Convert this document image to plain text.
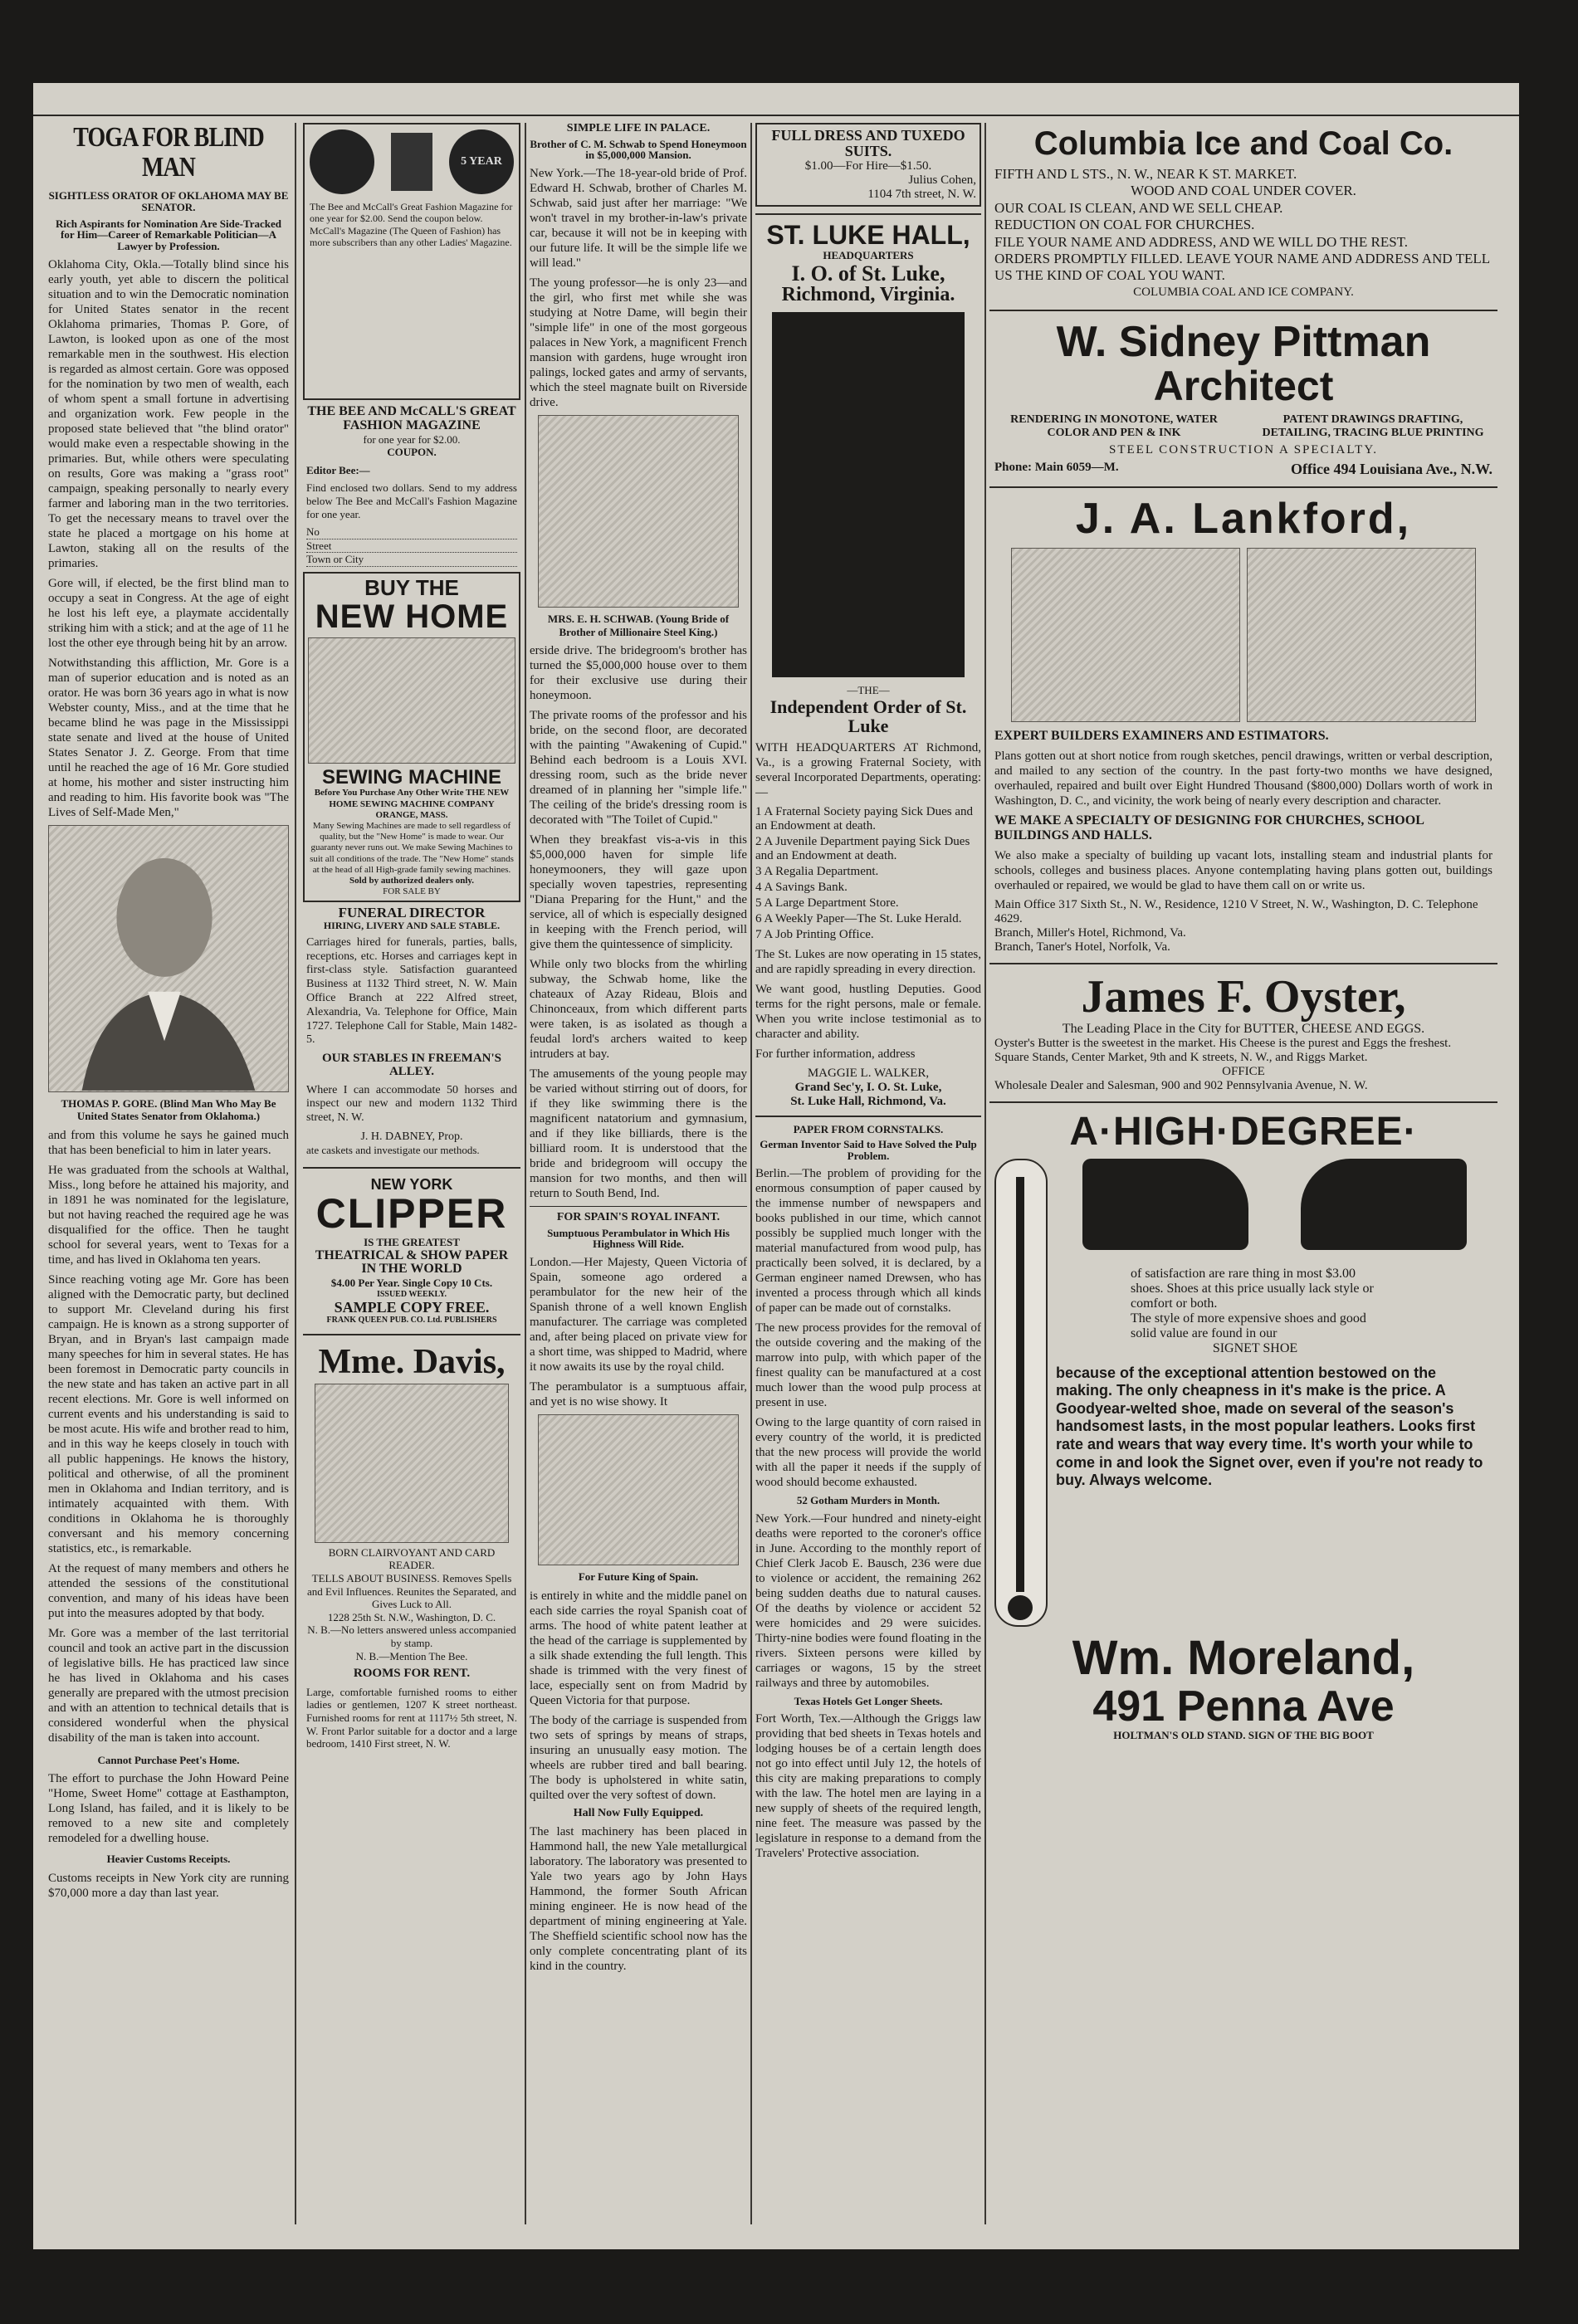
TOGA FOR BLIND MAN
SIGHTLESS ORATOR OF OKLAHOMA MAY BE SENATOR.
Rich Aspirants for Nomination Are Side-Tracked for Him—Career of Remarkable Politician—A Lawyer by Profession.

Oklahoma City, Okla.—Totally blind since his early youth, yet able to discern the political situation and to win the Democratic nomination for United States senator in the recent Oklahoma primaries, Thomas P. Gore, of Lawton, is looked upon as one of the most remarkable men in the southwest. His election is regarded as almost certain. Gore was opposed for the nomination by two men of wealth, each of whom spent a small fortune in advertising and organization work. Few people in the proposed state believed that "the blind orator" would make even a respectable showing in the primaries. But, while others were speculating on results, Gore was making a "grass root" campaign, speaking personally to nearly every farmer and laboring man in the two territories. To get the necessary means to travel over the state he placed a mortgage on his home at Lawton, staking all on the results of the primaries.

Gore will, if elected, be the first blind man to occupy a seat in Congress. At the age of eight he lost his left eye, a playmate accidentally striking him with a stick; and at the age of 11 he lost the other eye through being hit by an arrow.

Notwithstanding this affliction, Mr. Gore is a man of superior education and is noted as an orator. He was born 36 years ago in what is now Webster county, Miss., and at the time that he became blind he was page in the Mississippi state senate and lived at the house of United States Senator J. Z. George. From that time until he reached the age of 16 Mr. Gore studied at home, his mother and sister instructing him and reading to him. His favorite book was "The Lives of Self-Made Men,"

THOMAS P. GORE. (Blind Man Who May Be United States Senator from Oklahoma.)

and from this volume he says he gained much that has been beneficial to him in later years.

He was graduated from the schools at Walthal, Miss., long before he attained his majority, and in 1891 he was nominated for the legislature, but not having reached the required age he was disqualified for the office. Then he taught school for several years, went to Texas for a time, and has lived in Oklahoma ten years.

Since reaching voting age Mr. Gore has been aligned with the Democratic party, but declined to support Mr. Cleveland during his first campaign. He is known as a strong supporter of Bryan, and in Bryan's last campaign made many speeches for him in several states. He has been foremost in Democratic party councils in the new state and has taken an active part in all recent elections. Mr. Gore is well informed on current events and his understanding is said to be most acute. His wife and brother read to him, and in this way he keeps closely in touch with all public happenings. He knows the history, political and otherwise, of all the prominent men in Oklahoma and Indian territory, and is intimately acquainted with them. With conditions in Oklahoma he is thoroughly conversant and his memory concerning statistics, etc., is remarkable.

At the request of many members and others he attended the sessions of the constitutional convention, and many of his ideas have been put into the measures adopted by that body.

Mr. Gore was a member of the last territorial council and took an active part in the discussion of legislative bills. He has practiced law since he has lived in Oklahoma and his cases generally are prepared with the utmost precision and with an attention to technical details that is considered wonderful when the physical disability of the man is taken into account.

Cannot Purchase Peet's Home.

The effort to purchase the John Howard Peine "Home, Sweet Home" cottage at Easthampton, Long Island, has failed, and it is likely to be removed to a new site and completely remodeled for a dwelling house.

Heavier Customs Receipts.

Customs receipts in New York city are running $70,000 more a day than last year.

5 YEAR

The Bee and McCall's Great Fashion Magazine for one year for $2.00. Send the coupon below. McCall's Magazine (The Queen of Fashion) has more subscribers than any other Ladies' Magazine.

THE BEE AND McCALL'S GREAT FASHION MAGAZINE
for one year for $2.00.
COUPON.
Editor Bee:—

Find enclosed two dollars. Send to my address below The Bee and McCall's Fashion Magazine for one year.

No
Street
Town or City
BUY THE
NEW HOME
SEWING MACHINE
Before You Purchase Any Other Write THE NEW HOME SEWING MACHINE COMPANY ORANGE, MASS.
Many Sewing Machines are made to sell regardless of quality, but the "New Home" is made to wear. Our guaranty never runs out. We make Sewing Machines to suit all conditions of the trade. The "New Home" stands at the head of all High-grade family sewing machines.
Sold by authorized dealers only.
FOR SALE BY
FUNERAL DIRECTOR
HIRING, LIVERY AND SALE STABLE.

Carriages hired for funerals, parties, balls, receptions, etc. Horses and carriages kept in first-class style. Satisfaction guaranteed Business at 1132 Third street, N. W. Main Office Branch at 222 Alfred street, Alexandria, Va. Telephone for Office, Main 1727. Telephone Call for Stable, Main 1482-5.

OUR STABLES IN FREEMAN'S ALLEY.

Where I can accommodate 50 horses and inspect our new and modern 1132 Third street, N. W.

J. H. DABNEY, Prop.
ate caskets and investigate our methods.
NEW YORK
CLIPPER
IS THE GREATEST
THEATRICAL & SHOW PAPER
IN THE WORLD
$4.00 Per Year. Single Copy 10 Cts.
ISSUED WEEKLY.
SAMPLE COPY FREE.
FRANK QUEEN PUB. CO. Ltd. PUBLISHERS
Mme. Davis,
BORN CLAIRVOYANT AND CARD READER.
TELLS ABOUT BUSINESS. Removes Spells and Evil Influences. Reunites the Separated, and Gives Luck to All.
1228 25th St. N.W., Washington, D. C.
N. B.—No letters answered unless accompanied by stamp.
N. B.—Mention The Bee.
ROOMS FOR RENT.

Large, comfortable furnished rooms to either ladies or gentlemen, 1207 K street northeast. Furnished rooms for rent at 1117½ 5th street, N. W. Front Parlor suitable for a doctor and a large bedroom, 1410 First street, N. W.

SIMPLE LIFE IN PALACE.
Brother of C. M. Schwab to Spend Honeymoon in $5,000,000 Mansion.

New York.—The 18-year-old bride of Prof. Edward H. Schwab, brother of Charles M. Schwab, said just after her marriage: "We won't travel in my brother-in-law's private car, because it will not be in keeping with our future life. It will be the simple life we will lead."

The young professor—he is only 23—and the girl, who first met while she was studying at Notre Dame, will begin their "simple life" in one of the most gorgeous palaces in New York, a magnificent French mansion with gardens, huge wrought iron palings, locked gates and army of servants, which the steel magnate built on Riverside drive.

MRS. E. H. SCHWAB. (Young Bride of Brother of Millionaire Steel King.)

erside drive. The bridegroom's brother has turned the $5,000,000 house over to them for their exclusive use during their honeymoon.

The private rooms of the professor and his bride, on the second floor, are decorated with the painting "Awakening of Cupid." Behind each bedroom is a Louis XVI. dressing room, such as the bride never dreamed of in planning her "simple life." The ceiling of the bride's dressing room is decorated with "The Toilet of Cupid."

When they breakfast vis-a-vis in this $5,000,000 haven for simple life honeymooners, they will gaze upon specially woven tapestries, representing "Diana Preparing for the Hunt," and the service, all of which is especially designed in keeping with the French period, will give them the quintessence of simplicity.

While only two blocks from the whirling subway, the Schwab home, like the chateaux of Azay Rideau, Blois and Chinonceaux, from which different parts were taken, is as isolated as though a feudal lord's archers waited to keep intruders at bay.

The amusements of the young people may be varied without stirring out of doors, for if they like swimming there is the magnificent natatorium and gymnasium, and if they like billiards, there is the billiard room. It is understood that the bride and bridegroom will occupy the mansion for two months, and then will return to South Bend, Ind.

FOR SPAIN'S ROYAL INFANT.
Sumptuous Perambulator in Which His Highness Will Ride.

London.—Her Majesty, Queen Victoria of Spain, someone ago ordered a perambulator for the new heir of the Spanish throne of a well known English manufacturer. The carriage was completed and, after being placed on private view for a short time, was shipped to Madrid, where it now awaits its use by the royal child.

The perambulator is a sumptuous affair, and yet is no wise showy. It

For Future King of Spain.

is entirely in white and the middle panel on each side carries the royal Spanish coat of arms. The hood of white patent leather at the head of the carriage is supplemented by a silk shade extending the full length. This shade is trimmed with the very finest of lace, especially sent on from Madrid by Queen Victoria for that purpose.

The body of the carriage is suspended from two sets of springs by means of straps, insuring an unusually easy motion. The wheels are rubber tired and ball bearing. The body is upholstered in white satin, quilted over the very softest of down.

Hall Now Fully Equipped.

The last machinery has been placed in Hammond hall, the new Yale metallurgical laboratory. The laboratory was presented to Yale two years ago by John Hays Hammond, the former South African mining engineer. He is now head of the department of mining engineering at Yale. The Sheffield scientific school now has the only complete concentrating plant of its kind in the country.

FULL DRESS AND TUXEDO SUITS.
$1.00—For Hire—$1.50.
Julius Cohen,
1104 7th street, N. W.
ST. LUKE HALL,
HEADQUARTERS
I. O. of St. Luke,
Richmond, Virginia.
—THE—
Independent Order of St. Luke

WITH HEADQUARTERS AT Richmond, Va., is a growing Fraternal Society, with several Incorporated Departments, operating:—

1 A Fraternal Society paying Sick Dues and an Endowment at death.
2 A Juvenile Department paying Sick Dues and an Endowment at death.
3 A Regalia Department.
4 A Savings Bank.
5 A Large Department Store.
6 A Weekly Paper—The St. Luke Herald.
7 A Job Printing Office.

The St. Lukes are now operating in 15 states, and are rapidly spreading in every direction.

We want good, hustling Deputies. Good terms for the right persons, male or female. When you write inclose testimonial as to character and ability.

For further information, address

MAGGIE L. WALKER,
Grand Sec'y, I. O. St. Luke,
St. Luke Hall, Richmond, Va.
PAPER FROM CORNSTALKS.
German Inventor Said to Have Solved the Pulp Problem.

Berlin.—The problem of providing for the enormous consumption of paper caused by the immense number of newspapers and books published in our time, which cannot possibly be supplied much longer with the material manufactured from wood pulp, has practically been solved, it is declared, by a German engineer named Drewsen, who has invented a process through which all kinds of paper can be made out of cornstalks.

The new process provides for the removal of the outside covering and the making of the marrow into pulp, with which paper of the finest quality can be manufactured at a cost much lower than the wood pulp process at present in use.

Owing to the large quantity of corn raised in every country of the world, it is predicted that the new process will provide the world with all the paper it needs if the supply of wood should become exhausted.

52 Gotham Murders in Month.

New York.—Four hundred and ninety-eight deaths were reported to the coroner's office in June. According to the monthly report of Chief Clerk Jacob E. Bausch, 236 were due to violence or accident, the remaining 262 being sudden deaths due to natural causes. Of the deaths by violence or accident 52 were homicides and 29 were suicides. Thirty-nine bodies were found floating in the rivers. Sixteen persons were killed by carriages or wagons, 15 by the street railways and three by automobiles.

Texas Hotels Get Longer Sheets.

Fort Worth, Tex.—Although the Griggs law providing that bed sheets in Texas hotels and lodging houses be of a certain length does not go into effect until July 12, the hotels of this city are making preparations to comply with the law. The hotel men are laying in a new supply of sheets of the required length, nine feet. The measure was passed by the legislature in response to a demand from the Travelers' Protective association.

Columbia Ice and Coal Co.
FIFTH AND L STS., N. W., NEAR K ST. MARKET.
WOOD AND COAL UNDER COVER.
OUR COAL IS CLEAN, AND WE SELL CHEAP.
REDUCTION ON COAL FOR CHURCHES.
FILE YOUR NAME AND ADDRESS, AND WE WILL DO THE REST.
ORDERS PROMPTLY FILLED. LEAVE YOUR NAME AND ADDRESS AND TELL US THE KIND OF COAL YOU WANT.
COLUMBIA COAL AND ICE COMPANY.
W. Sidney Pittman
Architect
RENDERING IN MONOTONE, WATER COLOR AND PEN & INK
PATENT DRAWINGS DRAFTING, DETAILING, TRACING BLUE PRINTING
STEEL CONSTRUCTION A SPECIALTY.
Phone: Main 6059—M.	Office 494 Louisiana Ave., N.W.
J. A. Lankford,
EXPERT BUILDERS EXAMINERS AND ESTIMATORS.

Plans gotten out at short notice from rough sketches, pencil drawings, written or verbal description, and mailed to any section of the country. In the past forty-two months we have designed, overhauled, repaired and built over Eight Hundred Thousand ($800,000) Dollars worth of work in Washington, D. C., and vicinity, the work being of nearly every description and character.

WE MAKE A SPECIALTY OF DESIGNING FOR CHURCHES, SCHOOL BUILDINGS AND HALLS.

We also make a specialty of building up vacant lots, installing steam and industrial plants for schools, colleges and business places. Anyone contemplating having plans gotten out, buildings overhauled or repaired, we would be glad to have them call on or write us.

Main Office 317 Sixth St., N. W., Residence, 1210 V Street, N. W., Washington, D. C. Telephone 4629.
Branch, Miller's Hotel, Richmond, Va.
Branch, Taner's Hotel, Norfolk, Va.
James F. Oyster,
The Leading Place in the City for BUTTER, CHEESE AND EGGS.
Oyster's Butter is the sweetest in the market. His Cheese is the purest and Eggs the freshest.
Square Stands, Center Market, 9th and K streets, N. W., and Riggs Market.
OFFICE
Wholesale Dealer and Salesman, 900 and 902 Pennsylvania Avenue, N. W.
A·HIGH·DEGREE·
of satisfaction are rare thing in most $3.00 shoes. Shoes at this price usually lack style or comfort or both.
The style of more expensive shoes and good solid value are found in our
SIGNET SHOE
because of the exceptional attention bestowed on the making. The only cheapness in it's make is the price. A Goodyear-welted shoe, made on several of the season's handsomest lasts, in the most popular leathers. Looks first rate and wears that way every time. It's worth your while to come in and look the Signet over, even if you're not ready to buy. Always welcome.
Wm. Moreland,
491 Penna Ave
HOLTMAN'S OLD STAND. SIGN OF THE BIG BOOT
